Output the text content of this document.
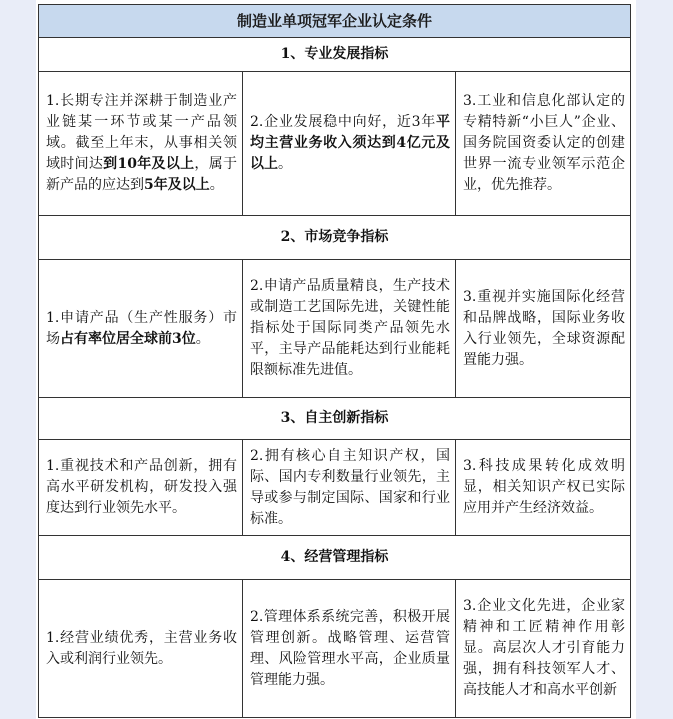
制造业单项冠军企业认定条件		
1、专业发展指标		
1.长期专注并深耕于制造业产业链某一环节或某一产品领域。截至上年末，从事相关领域时间达到10年及以上，属于新产品的应达到5年及以上。	2.企业发展稳中向好，近3年平均主营业务收入须达到4亿元及以上。	3.工业和信息化部认定的专精特新“小巨人”企业、国务院国资委认定的创建世界一流专业领军示范企业，优先推荐。
2、市场竞争指标		
1.申请产品（生产性服务）市场占有率位居全球前3位。	2.申请产品质量精良，生产技术或制造工艺国际先进，关键性能指标处于国际同类产品领先水平，主导产品能耗达到行业能耗限额标准先进值。	3.重视并实施国际化经营和品牌战略，国际业务收入行业领先，全球资源配置能力强。
3、自主创新指标		
1.重视技术和产品创新，拥有高水平研发机构，研发投入强度达到行业领先水平。	2.拥有核心自主知识产权，国际、国内专利数量行业领先，主导或参与制定国际、国家和行业标准。	3.科技成果转化成效明显，相关知识产权已实际应用并产生经济效益。
4、经营管理指标		
1.经营业绩优秀，主营业务收入或利润行业领先。	2.管理体系系统完善，积极开展管理创新。战略管理、运营管理、风险管理水平高，企业质量管理能力强。	3.企业文化先进，企业家精神和工匠精神作用彰显。高层次人才引育能力强，拥有科技领军人才、高技能人才和高水平创新
